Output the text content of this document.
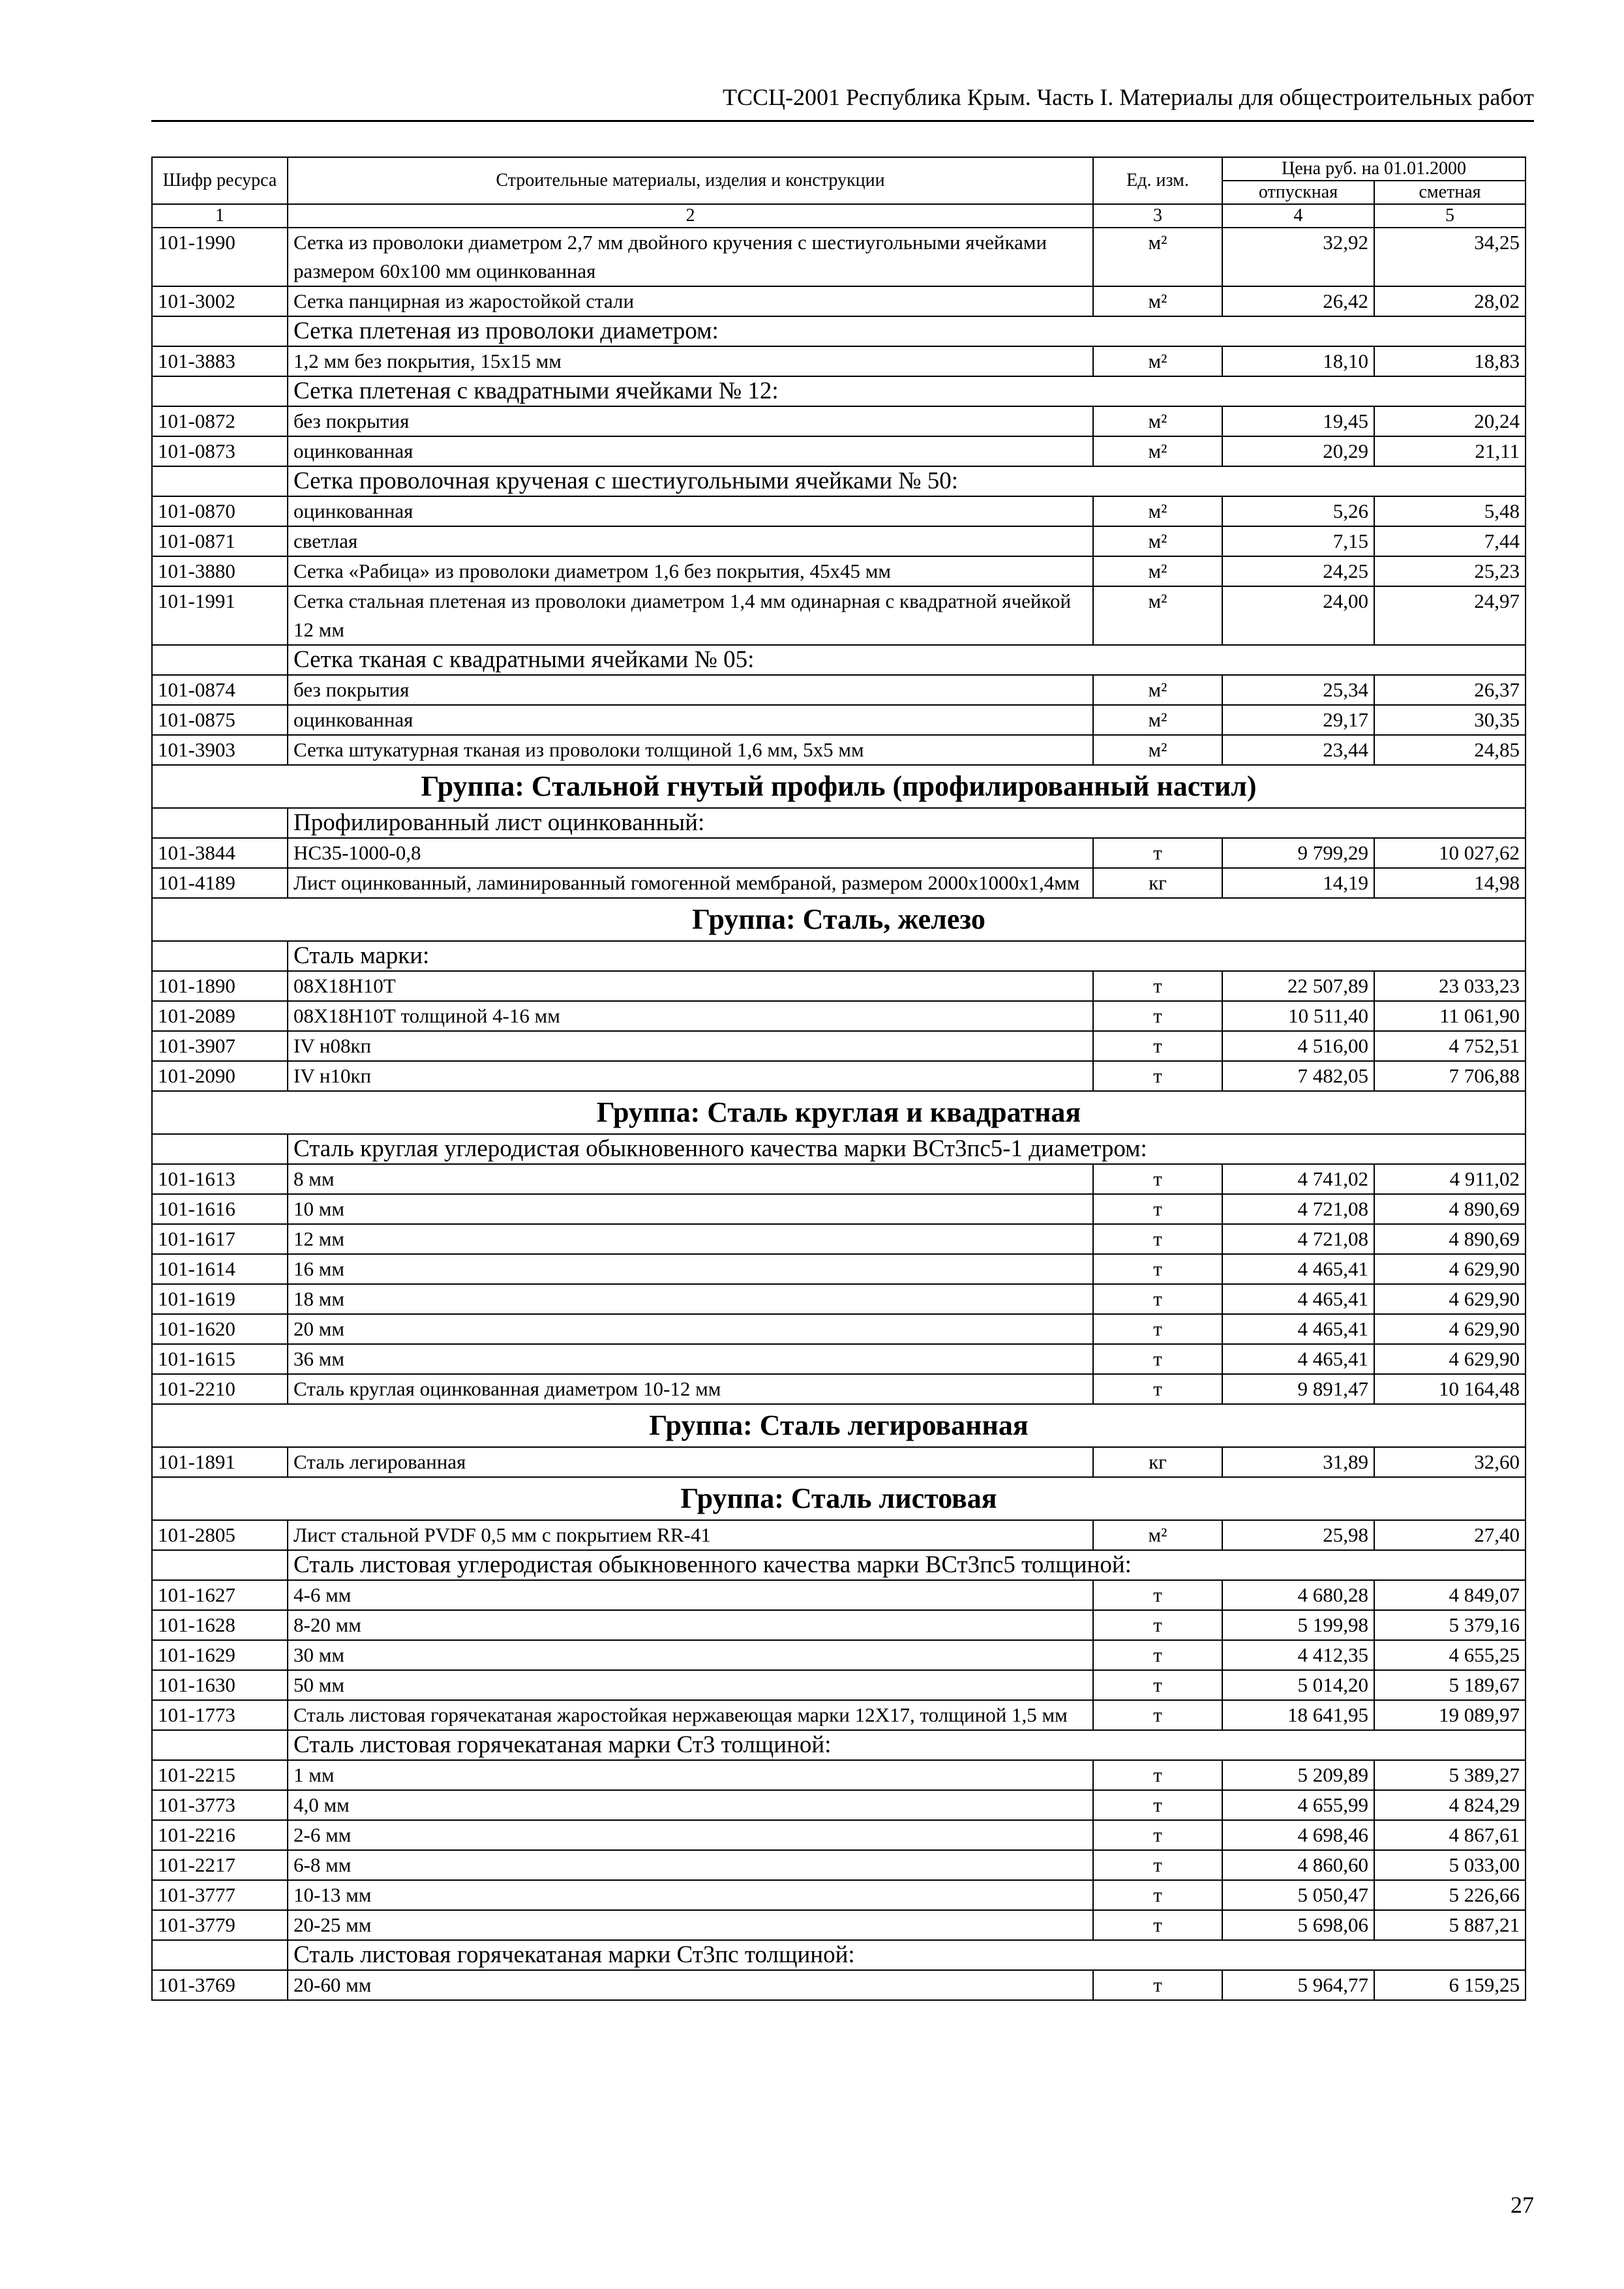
ТССЦ-2001 Республика Крым. Часть I. Материалы для общестроительных работ
Шифр ресурса	Строительные материалы, изделия и конструкции	Ед. изм.	Цена руб. на 01.01.2000	
			отпускная	сметная
1	2	3	4	5
101-1990	Сетка из проволоки диаметром 2,7 мм двойного кручения с шестиугольными ячейками размером 60х100 мм оцинкованная	м²	32,92	34,25
101-3002	Сетка панцирная из жаростойкой стали	м²	26,42	28,02
	Сетка плетеная из проволоки диаметром:			
101-3883	1,2 мм без покрытия, 15х15 мм	м²	18,10	18,83
	Сетка плетеная с квадратными ячейками № 12:			
101-0872	без покрытия	м²	19,45	20,24
101-0873	оцинкованная	м²	20,29	21,11
	Сетка проволочная крученая с шестиугольными ячейками № 50:			
101-0870	оцинкованная	м²	5,26	5,48
101-0871	светлая	м²	7,15	7,44
101-3880	Сетка «Рабица» из проволоки диаметром 1,6 без покрытия, 45х45 мм	м²	24,25	25,23
101-1991	Сетка стальная плетеная из проволоки диаметром 1,4 мм одинарная с квадратной ячейкой 12 мм	м²	24,00	24,97
	Сетка тканая с квадратными ячейками № 05:			
101-0874	без покрытия	м²	25,34	26,37
101-0875	оцинкованная	м²	29,17	30,35
101-3903	Сетка штукатурная тканая из проволоки толщиной 1,6 мм, 5х5 мм	м²	23,44	24,85
Группа: Стальной гнутый профиль (профилированный настил)				
	Профилированный лист оцинкованный:			
101-3844	НС35-1000-0,8	т	9 799,29	10 027,62
101-4189	Лист оцинкованный, ламинированный гомогенной мембраной, размером 2000х1000х1,4мм	кг	14,19	14,98
Группа: Сталь, железо				
	Сталь марки:			
101-1890	08Х18Н10Т	т	22 507,89	23 033,23
101-2089	08Х18Н10Т толщиной 4-16 мм	т	10 511,40	11 061,90
101-3907	IV н08кп	т	4 516,00	4 752,51
101-2090	IV н10кп	т	7 482,05	7 706,88
Группа: Сталь круглая и квадратная				
	Сталь круглая углеродистая обыкновенного качества марки ВСт3пс5-1 диаметром:			
101-1613	8 мм	т	4 741,02	4 911,02
101-1616	10 мм	т	4 721,08	4 890,69
101-1617	12 мм	т	4 721,08	4 890,69
101-1614	16 мм	т	4 465,41	4 629,90
101-1619	18 мм	т	4 465,41	4 629,90
101-1620	20 мм	т	4 465,41	4 629,90
101-1615	36 мм	т	4 465,41	4 629,90
101-2210	Сталь круглая оцинкованная диаметром 10-12 мм	т	9 891,47	10 164,48
Группа: Сталь легированная				
101-1891	Сталь легированная	кг	31,89	32,60
Группа: Сталь листовая				
101-2805	Лист стальной PVDF 0,5 мм с покрытием RR-41	м²	25,98	27,40
	Сталь листовая углеродистая обыкновенного качества марки ВСт3пс5 толщиной:			
101-1627	4-6 мм	т	4 680,28	4 849,07
101-1628	8-20 мм	т	5 199,98	5 379,16
101-1629	30 мм	т	4 412,35	4 655,25
101-1630	50 мм	т	5 014,20	5 189,67
101-1773	Сталь листовая горячекатаная жаростойкая нержавеющая марки 12Х17, толщиной 1,5 мм	т	18 641,95	19 089,97
	Сталь листовая горячекатаная марки Ст3 толщиной:			
101-2215	1 мм	т	5 209,89	5 389,27
101-3773	4,0 мм	т	4 655,99	4 824,29
101-2216	2-6 мм	т	4 698,46	4 867,61
101-2217	6-8 мм	т	4 860,60	5 033,00
101-3777	10-13 мм	т	5 050,47	5 226,66
101-3779	20-25 мм	т	5 698,06	5 887,21
	Сталь листовая горячекатаная марки Ст3пс толщиной:			
101-3769	20-60 мм	т	5 964,77	6 159,25
27
